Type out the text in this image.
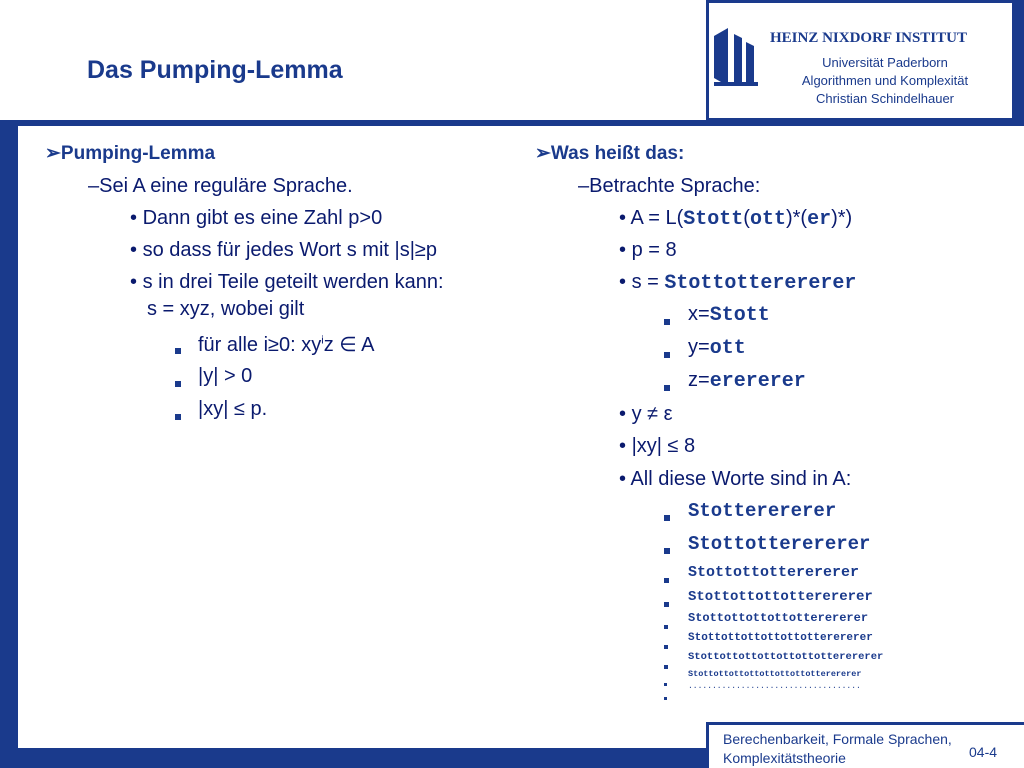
Das Pumping-Lemma
HEINZ NIXDORF INSTITUT
Universität Paderborn
Algorithmen und Komplexität
Christian Schindelhauer
➢Pumping-Lemma
–Sei A eine reguläre Sprache.
• Dann gibt es eine Zahl p>0
• so dass für jedes Wort s mit |s|≥p
• s in drei Teile geteilt werden kann:
s = xyz, wobei gilt
für alle i≥0: $xy^iz$ ∈ A
|y| > 0
|xy| ≤ p.
➢Was heißt das:
–Betrachte Sprache:
• A = L(Stott(ott)*(er)*)
• p = 8
• s = Stottotterererer
x=Stott
y=ott
z=erererer
• y ≠ ε
• |xy| ≤ 8
• All diese Worte sind in A:
Stotterererer
Stottotterererer
Stottottotterererer
Stottottottotterererer
Stottottottottotterererer
Stottottottottottotterererer
Stottottottottottottotterererer
Stottottottottottottottotterererer
....................................
Berechenbarkeit, Formale Sprachen,
Komplexitätstheorie	04-4
